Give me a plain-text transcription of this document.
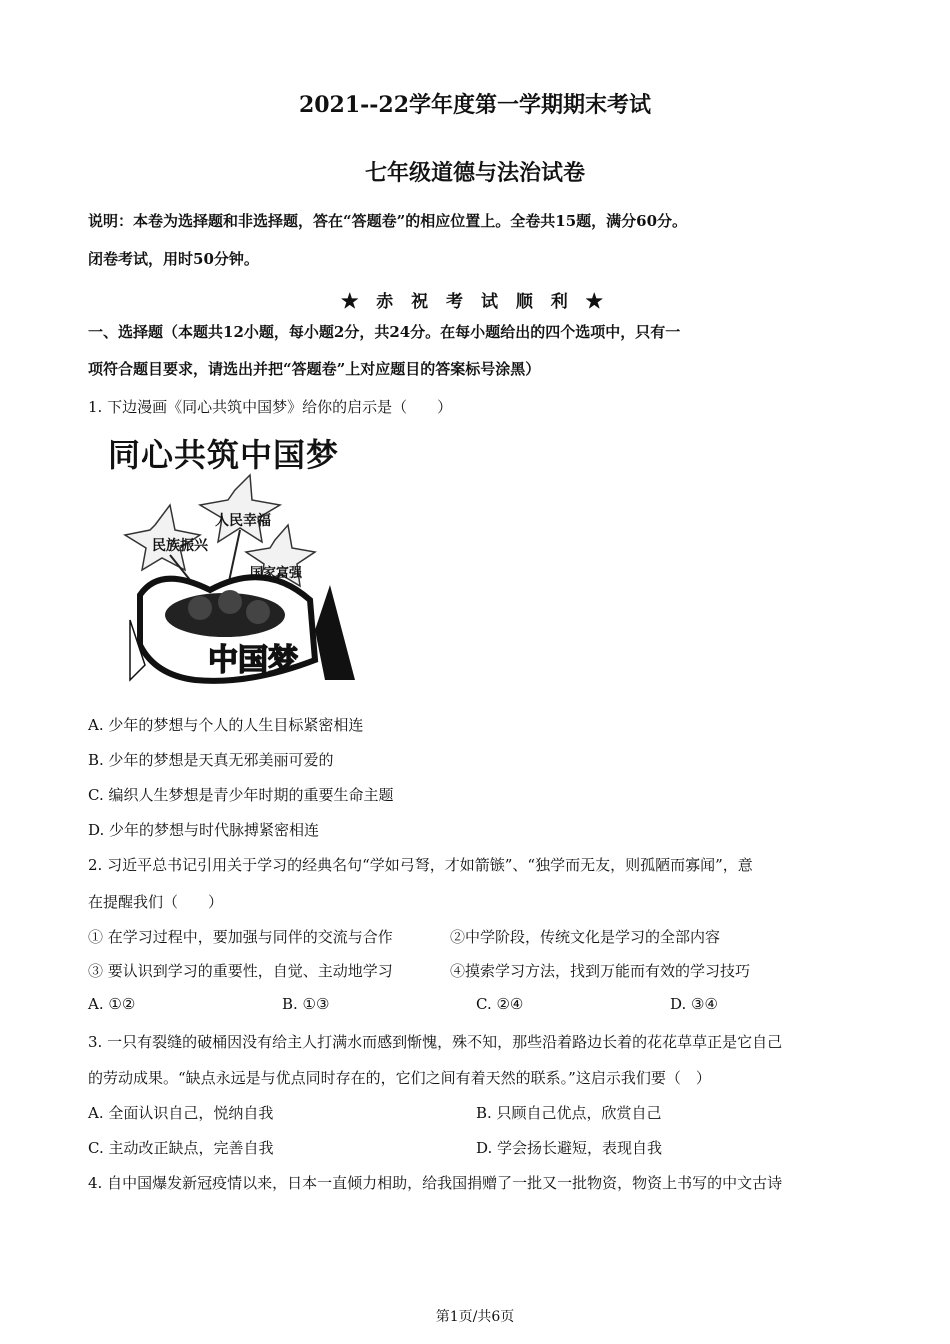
2021--22学年度第一学期期末考试
七年级道德与法治试卷
说明：本卷为选择题和非选择题，答在“答题卷”的相应位置上。全卷共15题，满分60分。
闭卷考试，用时50分钟。
★ 赤 祝 考 试 顺 利 ★
一、选择题（本题共12小题，每小题2分，共24分。在每小题给出的四个选项中，只有一
项符合题目要求，请选出并把“答题卷”上对应题目的答案标号涂黑）
1. 下边漫画《同心共筑中国梦》给你的启示是（　　）
同心共筑中国梦
民族振兴
人民幸福
国家富强
中国梦
A. 少年的梦想与个人的人生目标紧密相连
B. 少年的梦想是天真无邪美丽可爱的
C. 编织人生梦想是青少年时期的重要生命主题
D. 少年的梦想与时代脉搏紧密相连
2. 习近平总书记引用关于学习的经典名句“学如弓弩，才如箭镞”、“独学而无友，则孤陋而寡闻”，意
在提醒我们（　　）
① 在学习过程中，要加强与同伴的交流与合作	②中学阶段，传统文化是学习的全部内容
③ 要认识到学习的重要性，自觉、主动地学习	④摸索学习方法，找到万能而有效的学习技巧
A. ①②	B. ①③	C. ②④	D. ③④
3. 一只有裂缝的破桶因没有给主人打满水而感到惭愧，殊不知，那些沿着路边长着的花花草草正是它自己
的劳动成果。“缺点永远是与优点同时存在的，它们之间有着天然的联系。”这启示我们要（　）
A. 全面认识自己，悦纳自我	B. 只顾自己优点，欣赏自己
C. 主动改正缺点，完善自我	D. 学会扬长避短，表现自我
4. 自中国爆发新冠疫情以来，日本一直倾力相助，给我国捐赠了一批又一批物资，物资上书写的中文古诗
第1页/共6页
